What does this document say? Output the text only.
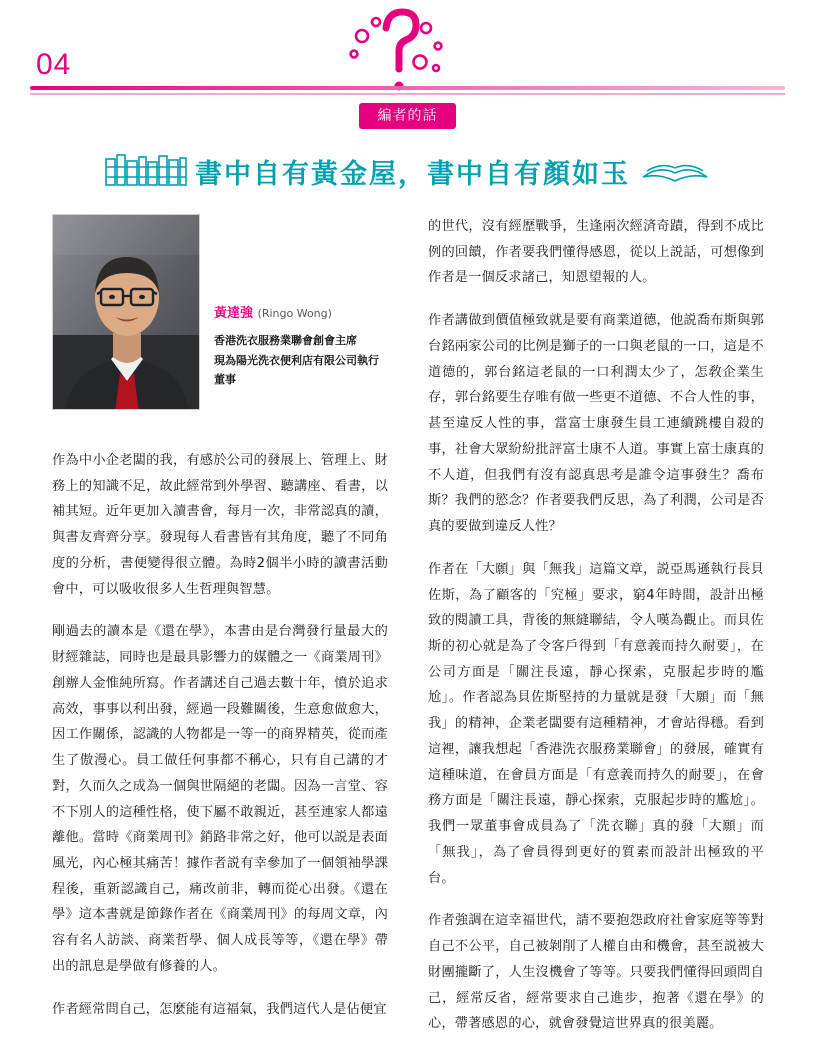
04
編者的話
書中自有黃金屋，書中自有顏如玉
黃達強 (Ringo Wong)
香港洗衣服務業聯會創會主席
現為陽光洗衣便利店有限公司執行董事

作為中小企老闆的我，有感於公司的發展上、管理上、財務上的知識不足，故此經常到外學習、聽講座、看書，以補其短。近年更加入讀書會，每月一次，非常認真的讀，與書友齊齊分享。發現每人看書皆有其角度，聽了不同角度的分析，書便變得很立體。為時2個半小時的讀書活動會中，可以吸收很多人生哲理與智慧。

剛過去的讀本是《還在學》，本書由是台灣發行量最大的財經雜誌，同時也是最具影響力的媒體之一《商業周刊》創辦人金惟純所寫。作者講述自己過去數十年，憤於追求高效，事事以利出發，經過一段難關後，生意愈做愈大，因工作關係，認識的人物都是一等一的商界精英，從而產生了傲漫心。員工做任何事都不稱心，只有自己講的才對，久而久之成為一個與世隔絕的老闆。因為一言堂、容不下別人的這種性格，使下屬不敢親近，甚至連家人都遠離他。當時《商業周刊》銷路非常之好，他可以説是表面風光，內心極其痛苦！據作者説有幸參加了一個領袖學課程後，重新認識自己，痛改前非，轉而從心出發。《還在學》這本書就是節錄作者在《商業周刊》的每周文章，內容有名人訪談、商業哲學、個人成長等等，《還在學》帶出的訊息是學做有修養的人。

作者經常問自己，怎麼能有這福氣，我們這代人是佔便宜

的世代，沒有經歷戰爭，生逢兩次經済奇蹟，得到不成比例的回饋，作者要我們懂得感恩，從以上説話，可想像到作者是一個反求諸己，知恩望報的人。

作者講做到價值極致就是要有商業道德，他説喬布斯與郭台銘兩家公司的比例是獅子的一口與老鼠的一口，這是不道德的，郭台銘這老鼠的一口利潤太少了，怎敎企業生存，郭台銘要生存唯有做一些更不道德、不合人性的事，甚至違反人性的事，當富士康發生員工連續跳樓自殺的事，社會大眾紛紛批評富士康不人道。事實上富士康真的不人道，但我們有沒有認真思考是誰令這事發生？喬布斯？我們的慾念？作者要我們反思，為了利潤，公司是否真的要做到違反人性？

作者在「大願」與「無我」這篇文章，説亞馬遜執行長貝佐斯，為了顧客的「究極」要求，窮4年時間，設計出極致的閱讀工具，背後的無縫聯結，令人嘆為觀止。而貝佐斯的初心就是為了令客戶得到「有意義而持久耐要」，在公司方面是「關注長遠，靜心探索，克服起步時的尷尬」。作者認為貝佐斯堅持的力量就是發「大願」而「無我」的精神，企業老闆要有這種精神，才會站得穩。看到這裡，讓我想起「香港洗衣服務業聯會」的發展，確實有這種味道，在會員方面是「有意義而持久的耐要」，在會務方面是「關注長遠，靜心探索，克服起步時的尷尬」。我們一眾董事會成員為了「洗衣聯」真的發「大願」而「無我」，為了會員得到更好的質素而設計出極致的平台。

作者強調在這幸福世代，請不要抱怨政府社會家庭等等對自己不公平，自己被剝削了人權自由和機會，甚至説被大財團攏斷了，人生沒機會了等等。只要我們懂得回頭問自己，經常反省，經常要求自己進步，抱著《還在學》的心，帶著感恩的心，就會發覺這世界真的很美麗。
